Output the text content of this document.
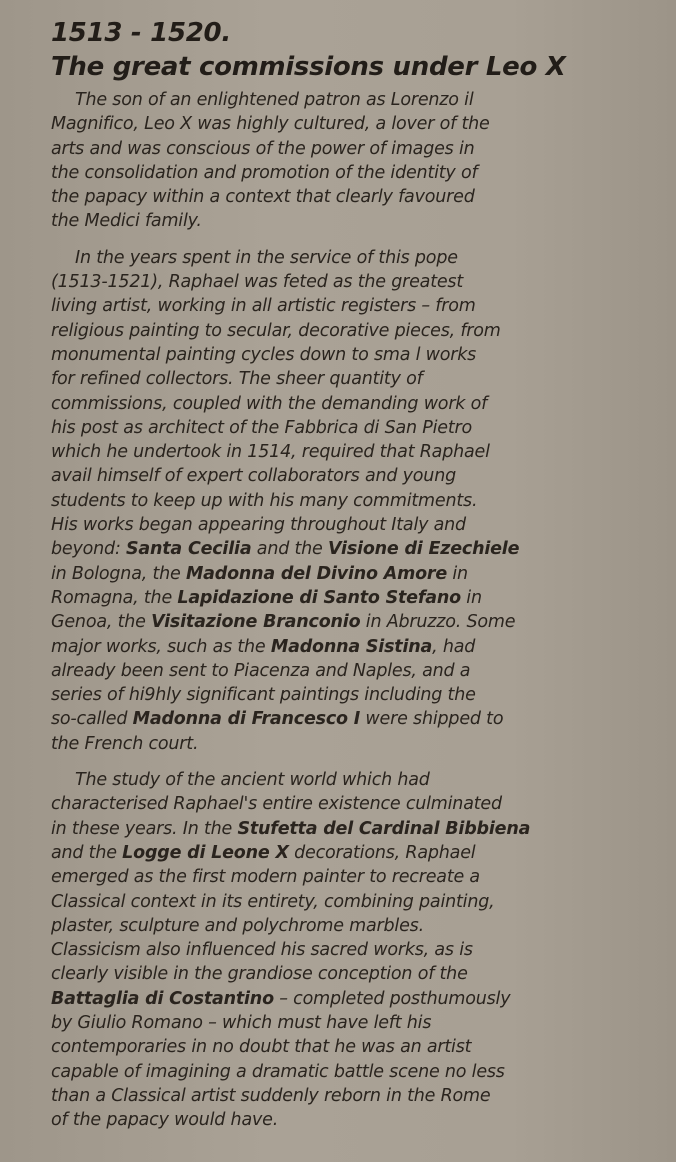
1513 - 1520.
The great commissions under Leo X

The son of an enlightened patron as Lorenzo il
Magnifico, Leo X was highly cultured, a lover of the
arts and was conscious of the power of images in
the consolidation and promotion of the identity of
the papacy within a context that clearly favoured
the Medici family.

In the years spent in the service of this pope
(1513-1521), Raphael was feted as the greatest
living artist, working in all artistic registers – from
religious painting to secular, decorative pieces, from
monumental painting cycles down to sma l works
for refined collectors. The sheer quantity of
commissions, coupled with the demanding work of
his post as architect of the Fabbrica di San Pietro
which he undertook in 1514, required that Raphael
avail himself of expert collaborators and young
students to keep up with his many commitments.
His works began appearing throughout Italy and
beyond: Santa Cecilia and the Visione di Ezechiele
in Bologna, the Madonna del Divino Amore in
Romagna, the Lapidazione di Santo Stefano in
Genoa, the Visitazione Branconio in Abruzzo. Some
major works, such as the Madonna Sistina, had
already been sent to Piacenza and Naples, and a
series of hi9hly significant paintings including the
so-called Madonna di Francesco I were shipped to
the French court.

The study of the ancient world which had
characterised Raphael's entire existence culminated
in these years. In the Stufetta del Cardinal Bibbiena
and the Logge di Leone X decorations, Raphael
emerged as the first modern painter to recreate a
Classical context in its entirety, combining painting,
plaster, sculpture and polychrome marbles.
Classicism also influenced his sacred works, as is
clearly visible in the grandiose conception of the
Battaglia di Costantino – completed posthumously
by Giulio Romano – which must have left his
contemporaries in no doubt that he was an artist
capable of imagining a dramatic battle scene no less
than a Classical artist suddenly reborn in the Rome
of the papacy would have.
